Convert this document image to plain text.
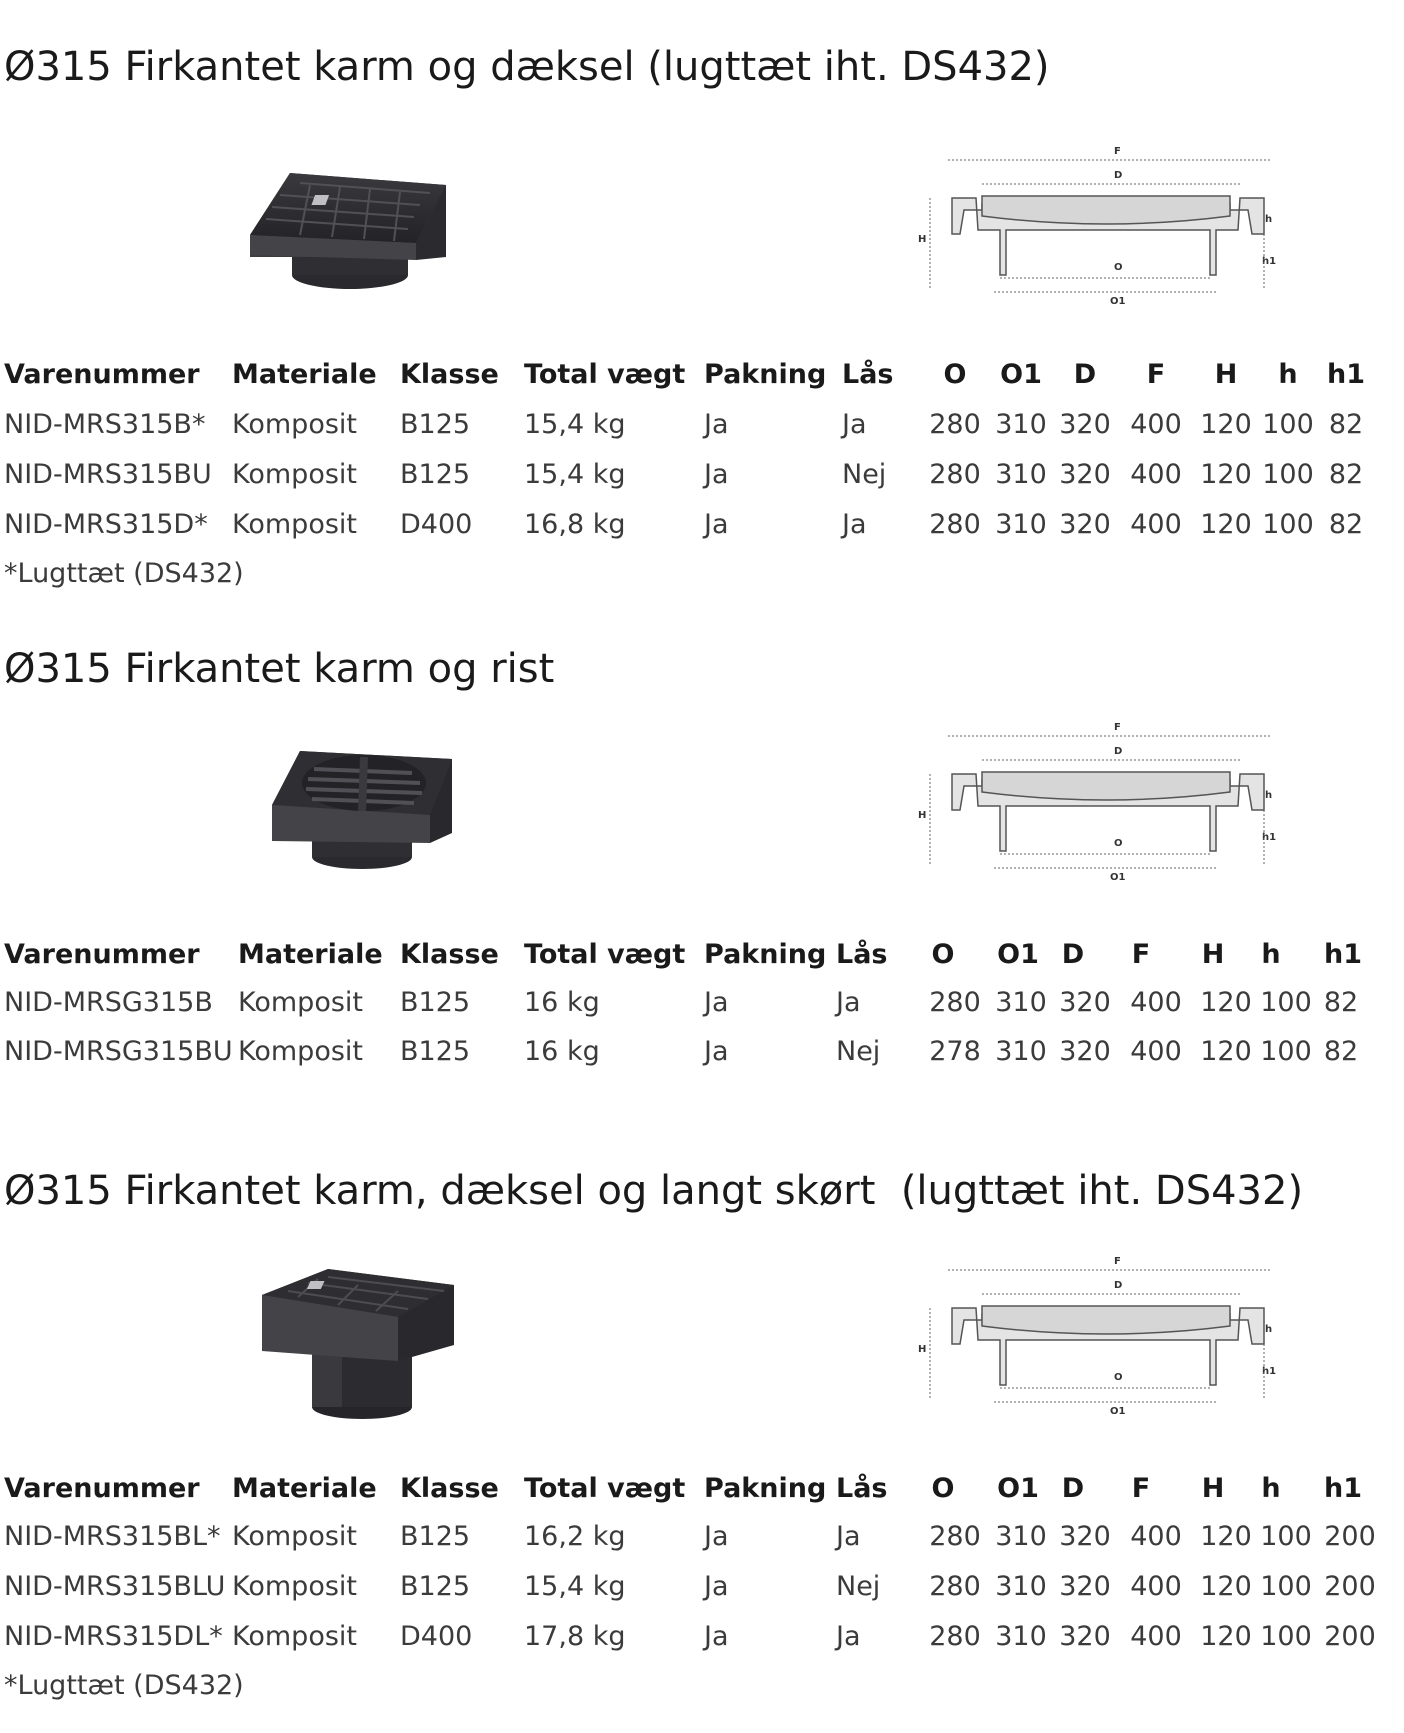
Ø315 Firkantet karm og dæksel (lugttæt iht. DS432)
F
D
H
h
h1
O
O1
Varenummer Materiale Klasse Total vægt Pakning Lås	O	O1	D	F	H	h	h1
NID-MRS315B* Komposit B125 15,4 kg	Ja	Ja 280 310 320 400 120 100 82
NID-MRS315BU Komposit B125 15,4 kg	Ja	Nej 280 310 320 400 120 100 82
NID-MRS315D* Komposit D400 16,8 kg	Ja	Ja 280 310 320 400 120 100 82

*Lugttæt (DS432)

Ø315 Firkantet karm og rist
F
D
H
h
h1
O
O1
Varenummer Materiale Klasse Total vægt Pakning Lås	O	O1 D	F	H	h	h1
NID-MRSG315B Komposit B125 16 kg	Ja	Ja	280 310 320 400 120 100 82
NID-MRSG315BU Komposit B125 16 kg	Ja	Nej 278 310 320 400 120 100 82
Ø315 Firkantet karm, dæksel og langt skørt  (lugttæt iht. DS432)
F
D
H
h
h1
O
O1
Varenummer Materiale Klasse Total vægt Pakning Lås	O	O1 D	F	H	h	h1
NID-MRS315BL* Komposit B125 16,2 kg	Ja	Ja	280 310 320 400 120 100 200
NID-MRS315BLU Komposit B125 15,4 kg	Ja	Nej 280 310 320 400 120 100 200
NID-MRS315DL* Komposit D400 17,8 kg	Ja	Ja	280 310 320 400 120 100 200

*Lugttæt (DS432)
